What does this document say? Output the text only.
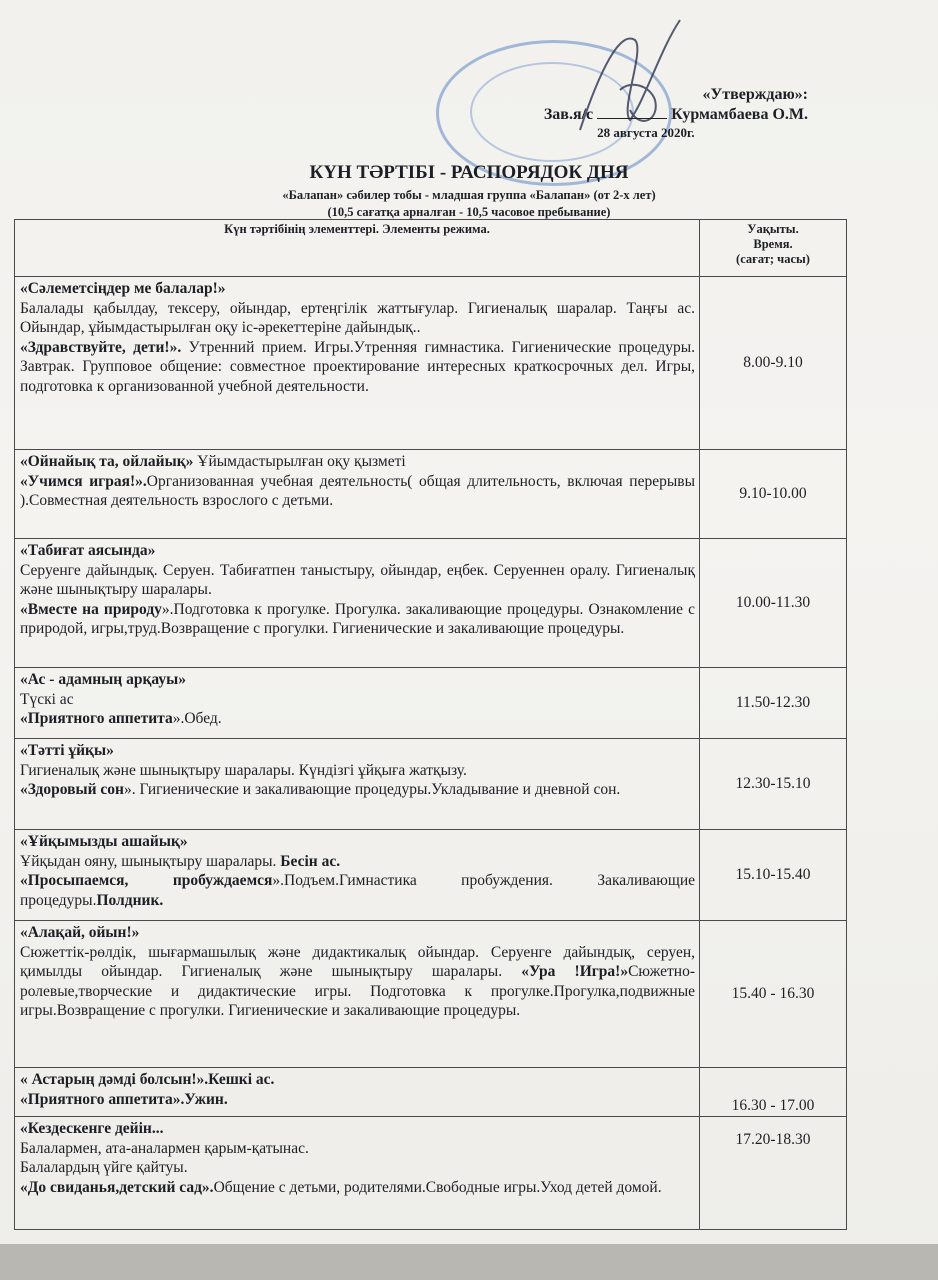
«Утверждаю»:
Зав.я/с	Курмамбаева О.М.
28 августа 2020г.
КҮН ТӘРТІБІ - РАСПОРЯДОК ДНЯ
«Балапан» сәбилер тобы - младшая группа «Балапан» (от 2-х лет)
(10,5 сағатқа арналған - 10,5 часовое пребывание)
Күн тәртібінің элементтері. Элементы режима.	Уақыты.
Время.
(сағат; часы)

«Сәлеметсіңдер ме балалар!»
Балалады қабылдау, тексеру, ойындар, ертеңгілік жаттығулар. Гигиеналық шаралар. Таңғы ас. Ойындар, ұйымдастырылған оқу іс-әрекеттеріне дайындық..
«Здравствуйте, дети!». Утренний прием. Игры.Утренняя гимнастика. Гигиенические процедуры. Завтрак. Групповое общение: совместное проектирование интересных краткосрочных дел. Игры, подготовка к организованной учебной деятельности.	8.00-9.10

«Ойнайық та, ойлайық» Ұйымдастырылған оқу қызметі
«Учимся играя!».Организованная учебная деятельность( общая длительность, включая перерывы ).Совместная деятельность взрослого с детьми.	9.10-10.00

«Табиғат аясында»
Серуенге дайындық. Серуен. Табиғатпен таныстыру, ойындар, еңбек. Серуеннен оралу. Гигиеналық және шынықтыру шаралары.
«Вместе на природу».Подготовка к прогулке. Прогулка. закаливающие процедуры. Ознакомление с природой, игры,труд.Возвращение с прогулки. Гигиенические и закаливающие процедуры.	10.00-11.30

«Ас - адамның арқауы»
Түскі ас
«Приятного аппетита».Обед.	11.50-12.30

«Тәтті ұйқы»
Гигиеналық және шынықтыру шаралары. Күндізгі ұйқыға жатқызу.
«Здоровый сон». Гигиенические и закаливающие процедуры.Укладывание и дневной сон.	12.30-15.10

«Ұйқымызды ашайық»
Ұйқыдан ояну, шынықтыру шаралары. Бесін ас.
«Просыпаемся, пробуждаемся».Подъем.Гимнастика пробуждения. Закаливающие процедуры.Полдник.	15.10-15.40

«Алақай, ойын!»
Сюжеттік-рөлдік, шығармашылық және дидактикалық ойындар. Серуенге дайындық, серуен, қимылды ойындар. Гигиеналық және шынықтыру шаралары. «Ура !Игра!»Сюжетно-ролевые,творческие и дидактические игры. Подготовка к прогулке.Прогулка,подвижные игры.Возвращение с прогулки. Гигиенические и закаливающие процедуры.	15.40 - 16.30

« Астарың дәмді болсын!».Кешкі ас.
«Приятного аппетита».Ужин.	16.30 - 17.00

«Кездескенге дейін...
Балалармен, ата-аналармен қарым-қатынас.
Балалардың үйге қайтуы.
«До свиданья,детский сад».Общение с детьми, родителями.Свободные игры.Уход детей домой.	17.20-18.30
